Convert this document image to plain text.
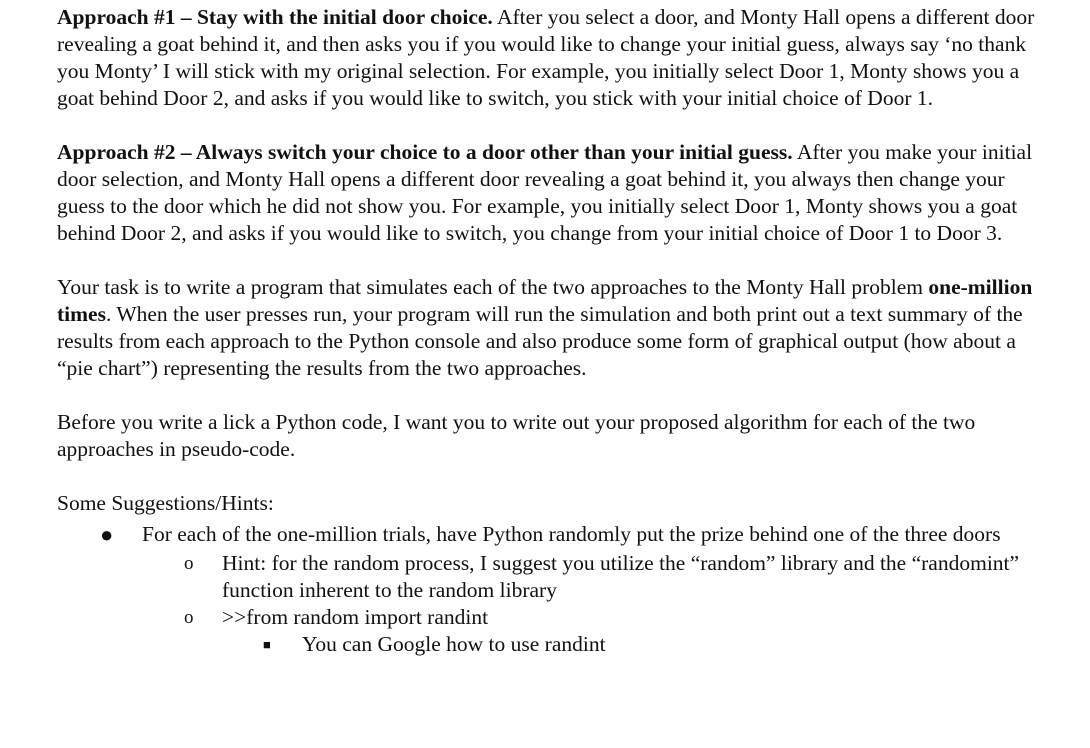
Approach #1 – Stay with the initial door choice. After you select a door, and Monty Hall opens a different door revealing a goat behind it, and then asks you if you would like to change your initial guess, always say ‘no thank you Monty’ I will stick with my original selection. For example, you initially select Door 1, Monty shows you a goat behind Door 2, and asks if you would like to switch, you stick with your initial choice of Door 1.

Approach #2 – Always switch your choice to a door other than your initial guess. After you make your initial door selection, and Monty Hall opens a different door revealing a goat behind it, you always then change your guess to the door which he did not show you. For example, you initially select Door 1, Monty shows you a goat behind Door 2, and asks if you would like to switch, you change from your initial choice of Door 1 to Door 3.

Your task is to write a program that simulates each of the two approaches to the Monty Hall problem one-million times. When the user presses run, your program will run the simulation and both print out a text summary of the results from each approach to the Python console and also produce some form of graphical output (how about a “pie chart”) representing the results from the two approaches.

Before you write a lick a Python code, I want you to write out your proposed algorithm for each of the two approaches in pseudo-code.

Some Suggestions/Hints:

● For each of the one-million trials, have Python randomly put the prize behind one of the three doors
o Hint: for the random process, I suggest you utilize the “random” library and the “randomint” function inherent to the random library
o >>from random import randint
■ You can Google how to use randint
